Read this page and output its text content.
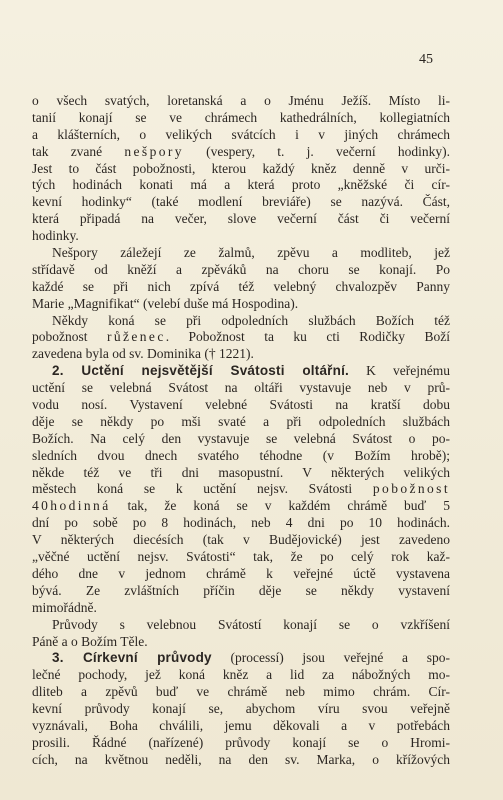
45
o všech svatých, loretanská a o Jménu Ježíš. Místo li-
tanií konají se ve chrámech kathedrálních, kollegiatních
a klášterních, o velikých svátcích i v jiných chrámech
tak zvané nešpory (vespery, t. j. večerní hodinky).
Jest to část pobožnosti, kterou každý kněz denně v urči-
tých hodinách konati má a která proto „kněžské či cír-
kevní hodinky“ (také modlení breviáře) se nazývá. Část,
která připadá na večer, slove večerní část či večerní
hodinky.
Nešpory záležejí ze žalmů, zpěvu a modliteb, jež
střídavě od kněží a zpěváků na choru se konají. Po
každé se při nich zpívá též velebný chvalozpěv Panny
Marie „Magnifikat“ (velebí duše má Hospodina).
Někdy koná se při odpoledních službách Božích též
pobožnost růženec. Pobožnost ta ku cti Rodičky Boží
zavedena byla od sv. Dominika († 1221).
2. Uctění nejsvětější Svátosti oltářní. K veřejnému
uctění se velebná Svátost na oltáři vystavuje neb v prů-
vodu nosí. Vystavení velebné Svátosti na kratší dobu
děje se někdy po mši svaté a při odpoledních službách
Božích. Na celý den vystavuje se velebná Svátost o po-
sledních dvou dnech svatého téhodne (v Božím hrobě);
někde též ve tři dni masopustní. V některých velikých
městech koná se k uctění nejsv. Svátosti pobožnost
40hodinná tak, že koná se v každém chrámě buď 5
dní po sobě po 8 hodinách, neb 4 dni po 10 hodinách.
V některých diecésích (tak v Budějovické) jest zavedeno
„věčné uctění nejsv. Svátosti“ tak, že po celý rok kaž-
dého dne v jednom chrámě k veřejné úctě vystavena
bývá. Ze zvláštních příčin děje se někdy vystavení
mimořádně.
Průvody s velebnou Svátostí konají se o vzkříšení
Páně a o Božím Těle.
3. Církevní průvody (processí) jsou veřejné a spo-
lečné pochody, jež koná kněz a lid za nábožných mo-
dliteb a zpěvů buď ve chrámě neb mimo chrám. Cír-
kevní průvody konají se, abychom víru svou veřejně
vyznávali, Boha chválili, jemu děkovali a v potřebách
prosili. Řádné (nařízené) průvody konají se o Hromi-
cích, na květnou neděli, na den sv. Marka, o křížových
